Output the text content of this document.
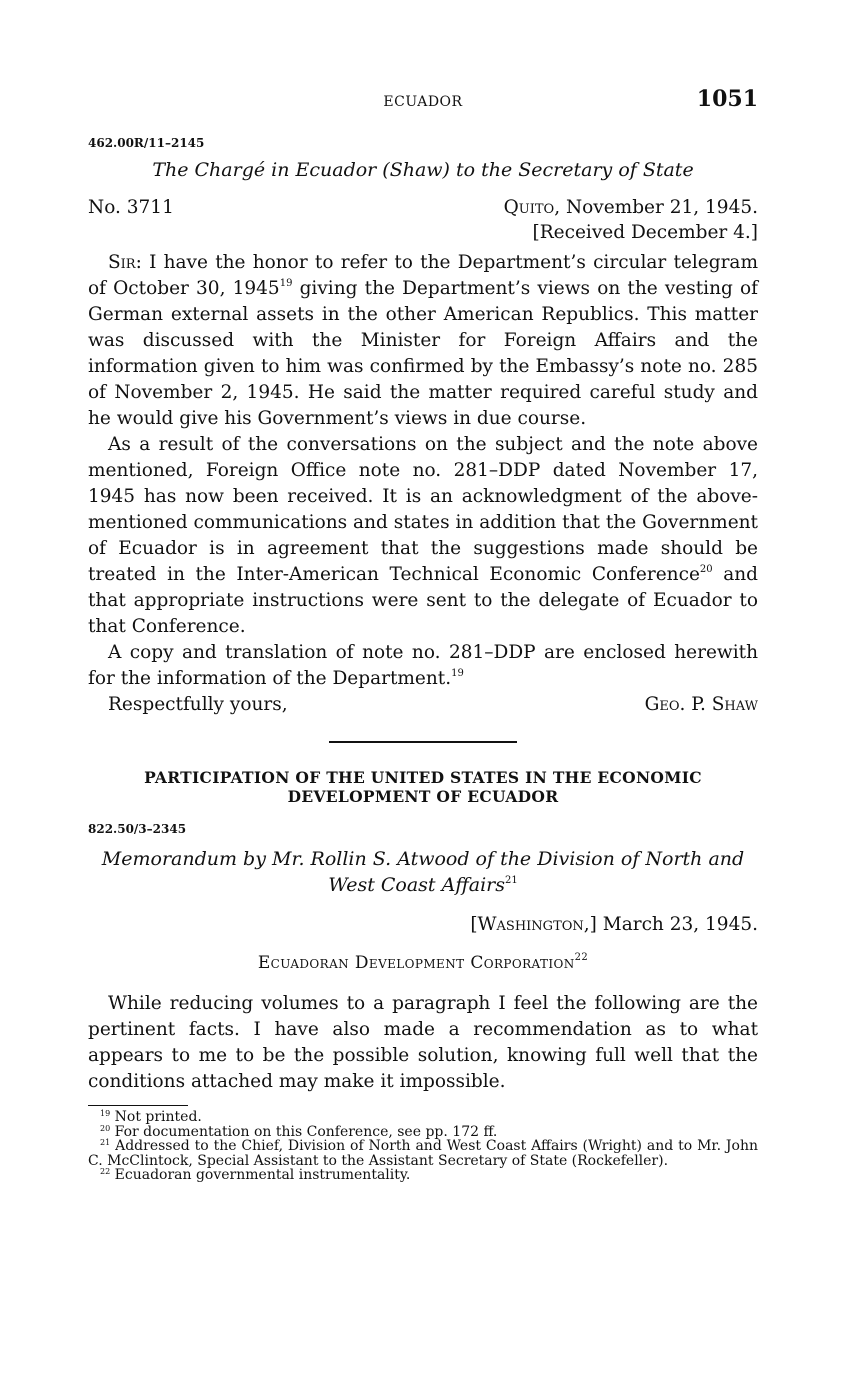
ECUADOR	1051
462.00R/11–2145
The Chargé in Ecuador (Shaw) to the Secretary of State
No. 3711	Quito, November 21, 1945.
[Received December 4.]

Sir: I have the honor to refer to the Department’s circular telegram of October 30, 1945$^{19}$ giving the Department’s views on the vesting of German external assets in the other American Republics. This matter was discussed with the Minister for Foreign Affairs and the information given to him was confirmed by the Embassy’s note no. 285 of November 2, 1945. He said the matter required careful study and he would give his Government’s views in due course.

As a result of the conversations on the subject and the note above mentioned, Foreign Office note no. 281–DDP dated November 17, 1945 has now been received. It is an acknowledgment of the above-mentioned communications and states in addition that the Government of Ecuador is in agreement that the suggestions made should be treated in the Inter-American Technical Economic Conference$^{20}$ and that appropriate instructions were sent to the delegate of Ecuador to that Conference.

A copy and translation of note no. 281–DDP are enclosed herewith for the information of the Department.$^{19}$

Respectfully yours,	Geo. P. Shaw
PARTICIPATION OF THE UNITED STATES IN THE ECONOMIC
DEVELOPMENT OF ECUADOR
822.50/3–2345
Memorandum by Mr. Rollin S. Atwood of the Division of North and
West Coast Affairs$^{21}$
[Washington,] March 23, 1945.
Ecuadoran Development Corporation$^{22}$

While reducing volumes to a paragraph I feel the following are the pertinent facts. I have also made a recommendation as to what appears to me to be the possible solution, knowing full well that the conditions attached may make it impossible.

$^{19}$ Not printed.

$^{20}$ For documentation on this Conference, see pp. 172 ff.

$^{21}$ Addressed to the Chief, Division of North and West Coast Affairs (Wright) and to Mr. John C. McClintock, Special Assistant to the Assistant Secretary of State (Rockefeller).

$^{22}$ Ecuadoran governmental instrumentality.
